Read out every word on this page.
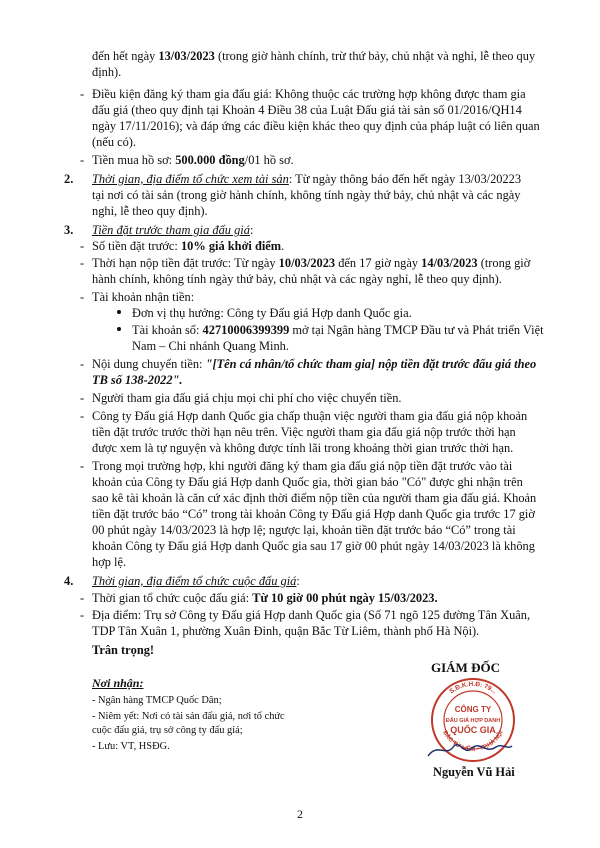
đến hết ngày 13/03/2023 (trong giờ hành chính, trừ thứ bảy, chủ nhật và nghỉ, lễ theo quy
định).
- Điều kiện đăng ký tham gia đấu giá: Không thuộc các trường hợp không được tham gia
đấu giá (theo quy định tại Khoản 4 Điều 38 của Luật Đấu giá tài sản số 01/2016/QH14
ngày 17/11/2016); và đáp ứng các điều kiện khác theo quy định của pháp luật có liên quan
(nếu có).
- Tiền mua hồ sơ: 500.000 đồng/01 hồ sơ.
2. Thời gian, địa điểm tổ chức xem tài sản: Từ ngày thông báo đến hết ngày 13/03/20223
tại nơi có tài sản (trong giờ hành chính, không tính ngày thứ bảy, chủ nhật và các ngày
nghỉ, lễ theo quy định).
3. Tiền đặt trước tham gia đấu giá:
- Số tiền đặt trước: 10% giá khởi điểm.
- Thời hạn nộp tiền đặt trước: Từ ngày 10/03/2023 đến 17 giờ ngày 14/03/2023 (trong giờ
hành chính, không tính ngày thứ bảy, chủ nhật và các ngày nghỉ, lễ theo quy định).
- Tài khoản nhận tiền:
Đơn vị thụ hưởng: Công ty Đấu giá Hợp danh Quốc gia.
Tài khoản số: 42710006399399 mở tại Ngân hàng TMCP Đầu tư và Phát triển Việt
Nam – Chi nhánh Quang Minh.
- Nội dung chuyển tiền: "[Tên cá nhân/tổ chức tham gia] nộp tiền đặt trước đấu giá theo
TB số 138-2022".
- Người tham gia đấu giá chịu mọi chi phí cho việc chuyển tiền.
- Công ty Đấu giá Hợp danh Quốc gia chấp thuận việc người tham gia đấu giá nộp khoản
tiền đặt trước trước thời hạn nêu trên. Việc người tham gia đấu giá nộp trước thời hạn
được xem là tự nguyện và không được tính lãi trong khoảng thời gian trước thời hạn.
- Trong mọi trường hợp, khi người đăng ký tham gia đấu giá nộp tiền đặt trước vào tài
khoản của Công ty Đấu giá Hợp danh Quốc gia, thời gian báo "Có" được ghi nhận trên
sao kê tài khoản là căn cứ xác định thời điểm nộp tiền của người tham gia đấu giá. Khoản
tiền đặt trước báo “Có” trong tài khoản Công ty Đấu giá Hợp danh Quốc gia trước 17 giờ
00 phút ngày 14/03/2023 là hợp lệ; ngược lại, khoản tiền đặt trước báo “Có” trong tài
khoản Công ty Đấu giá Hợp danh Quốc gia sau 17 giờ 00 phút ngày 14/03/2023 là không
hợp lệ.
4. Thời gian, địa điểm tổ chức cuộc đấu giá:
- Thời gian tổ chức cuộc đấu giá: Từ 10 giờ 00 phút ngày 15/03/2023.
- Địa điểm: Trụ sở Công ty Đấu giá Hợp danh Quốc gia (Số 71 ngõ 125 đường Tân Xuân,
TDP Tân Xuân 1, phường Xuân Đỉnh, quận Bắc Từ Liêm, thành phố Hà Nội).
Trân trọng!
Nơi nhận:
- Ngân hàng TMCP Quốc Dân;
- Niêm yết: Nơi có tài sản đấu giá, nơi tổ chức
cuộc đấu giá, trụ sở công ty đấu giá;
- Lưu: VT, HSĐG.
GIÁM ĐỐC
S.Đ.K.H.Đ: 79...
BẮC TỪ LIÊM - TP.HÀ NỘI
CÔNG TY
ĐẤU GIÁ HỢP DANH
QUỐC GIA
Nguyễn Vũ Hải
2
